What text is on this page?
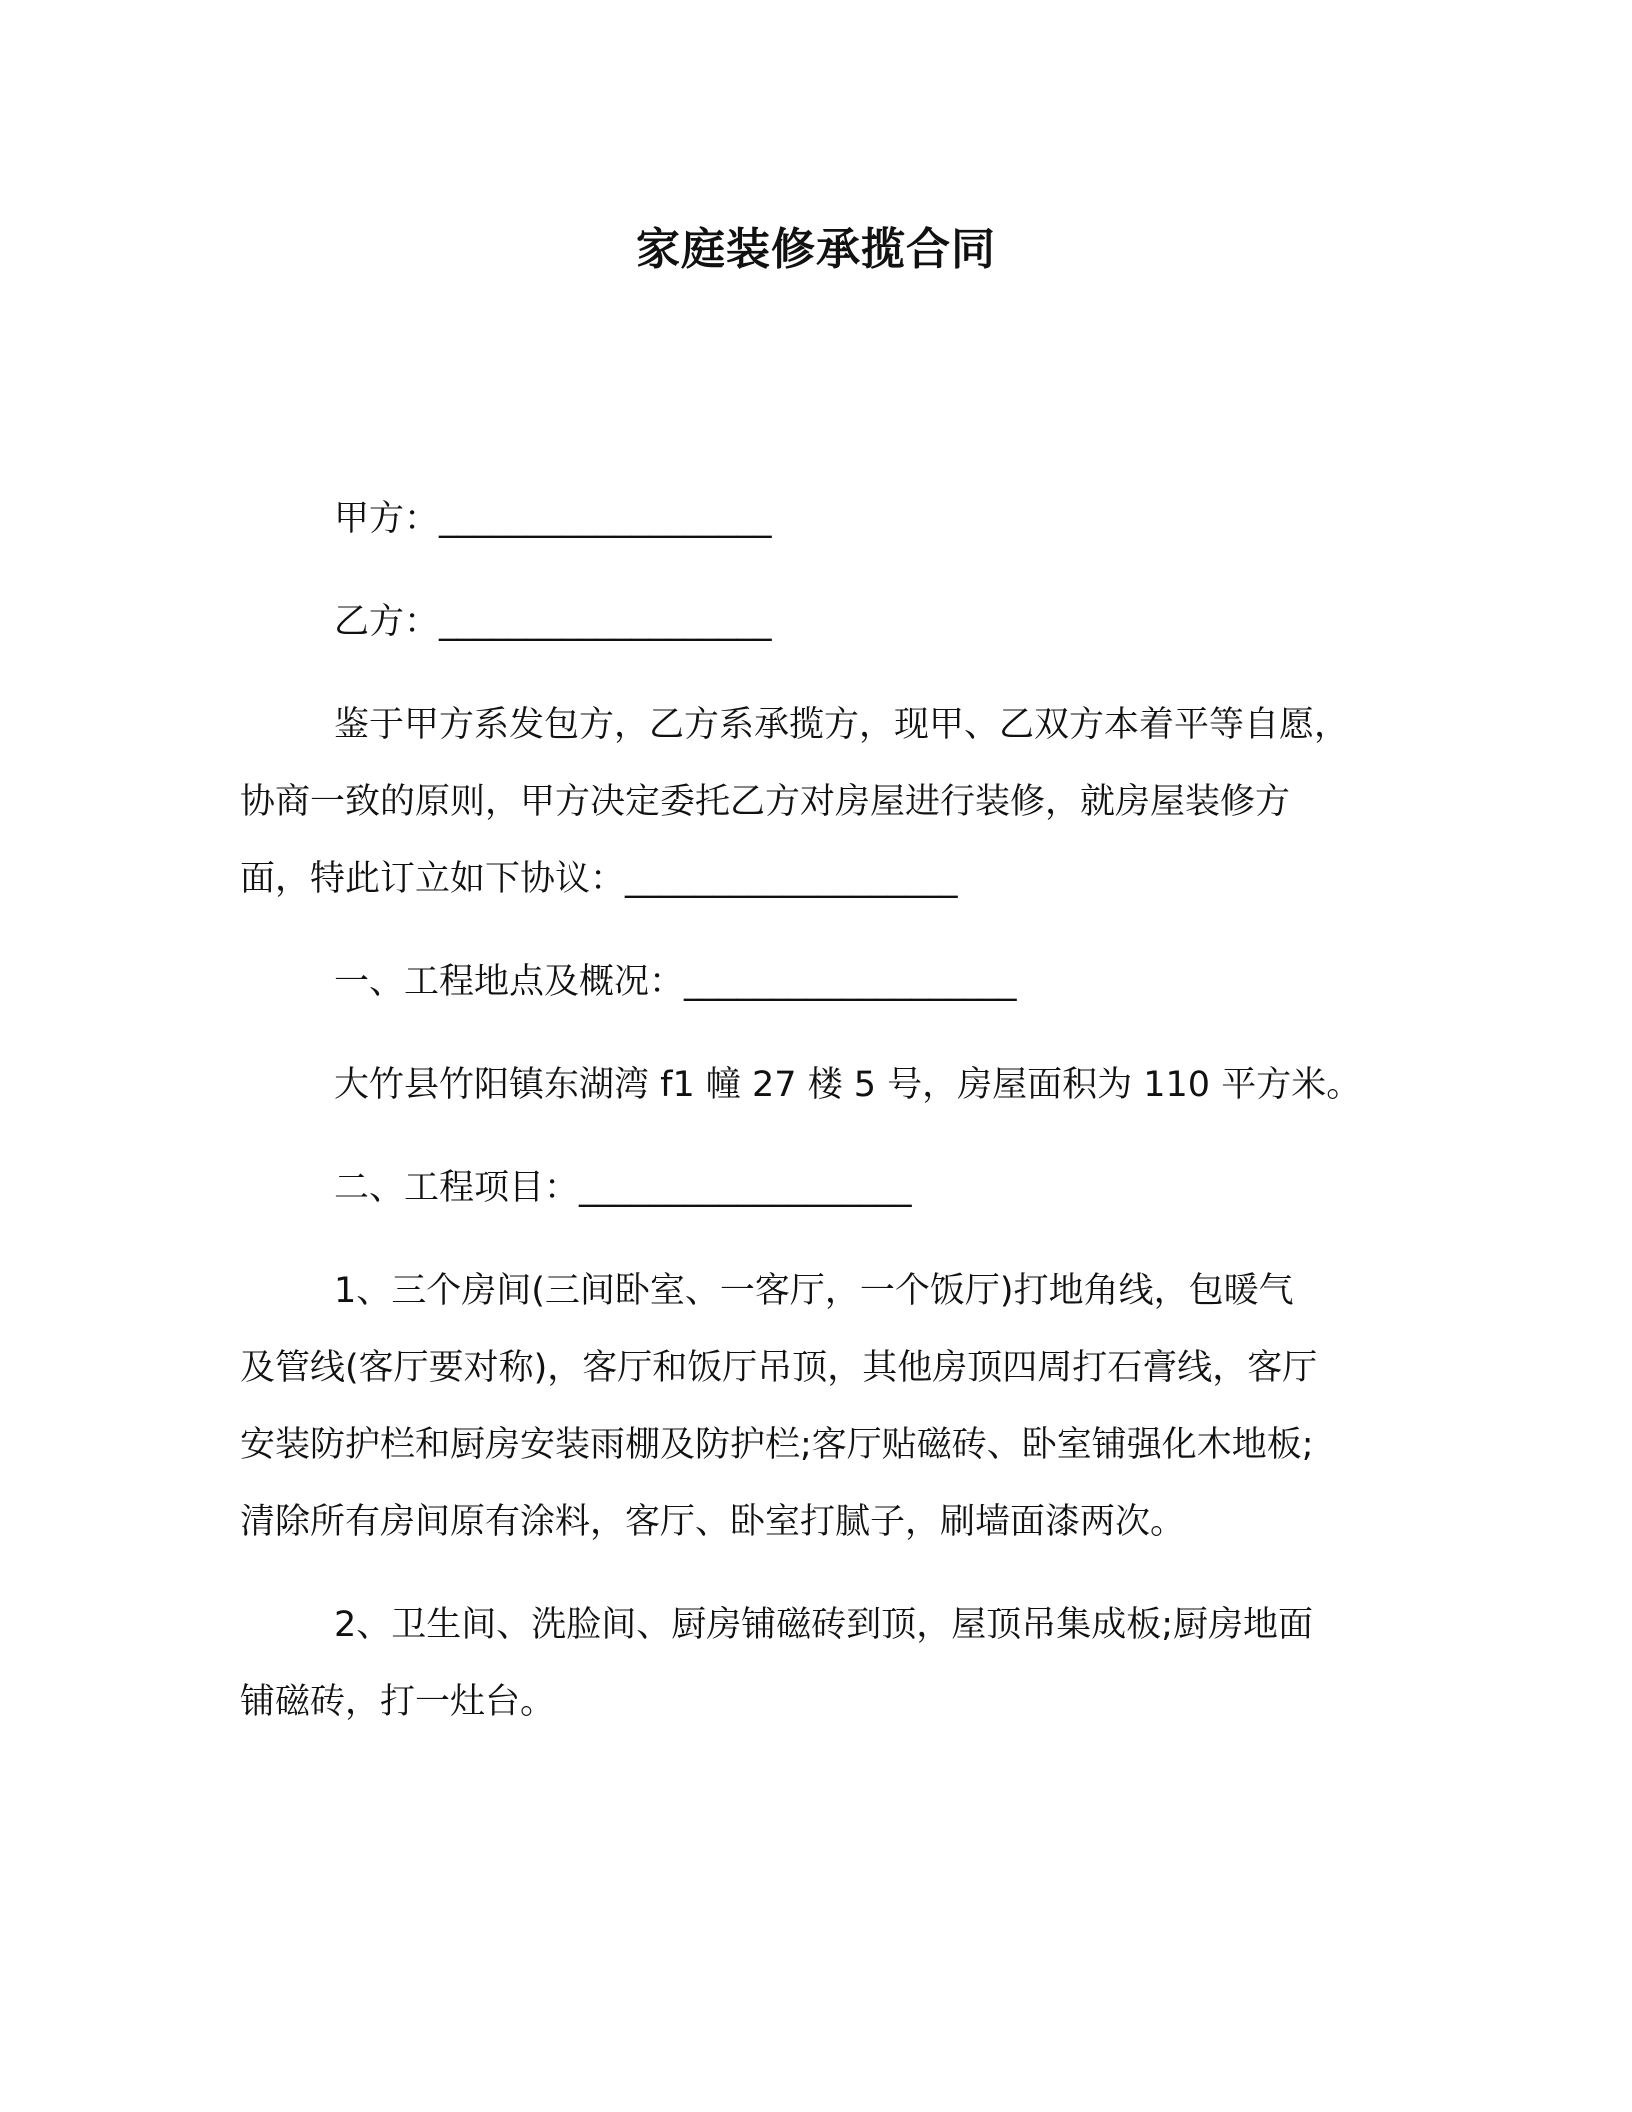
家庭装修承揽合同
甲方：___________________
乙方：___________________
鉴于甲方系发包方，乙方系承揽方，现甲、乙双方本着平等自愿，
协商一致的原则，甲方决定委托乙方对房屋进行装修，就房屋装修方
面，特此订立如下协议：___________________
一、工程地点及概况：___________________
大竹县竹阳镇东湖湾 f1 幢 27 楼 5 号，房屋面积为 110 平方米。
二、工程项目：___________________
1、三个房间(三间卧室、一客厅，一个饭厅)打地角线，包暖气
及管线(客厅要对称)，客厅和饭厅吊顶，其他房顶四周打石膏线，客厅
安装防护栏和厨房安装雨棚及防护栏;客厅贴磁砖、卧室铺强化木地板;
清除所有房间原有涂料，客厅、卧室打腻子，刷墙面漆两次。
2、卫生间、洗脸间、厨房铺磁砖到顶，屋顶吊集成板;厨房地面
铺磁砖，打一灶台。
